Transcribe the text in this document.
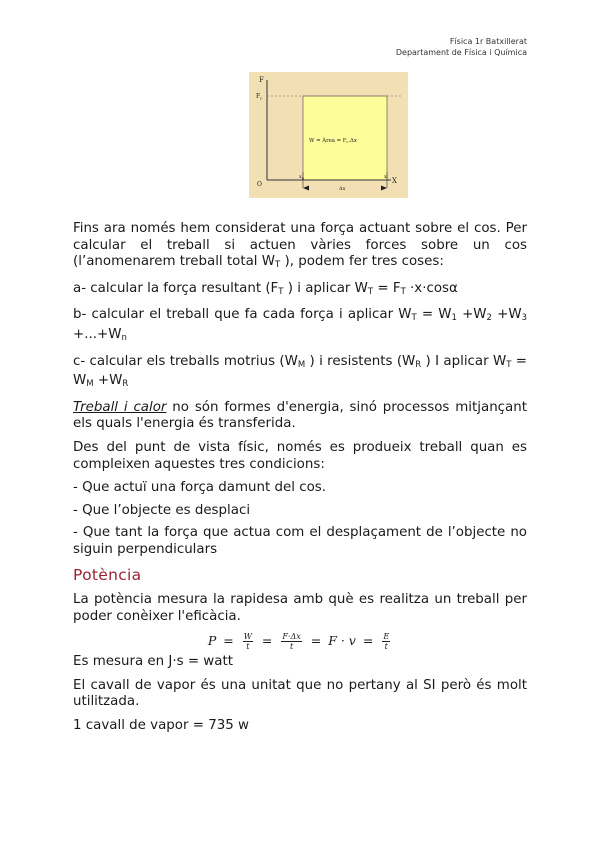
Física 1r Batxillerat
Departament de Física i Química
F
$F_c$
O
$x_o$	x X
Δx
W = Àrea = $F_c.\Delta x$

Fins ara només hem considerat una força actuant sobre el cos. Per calcular el treball si actuen vàries forces sobre un cos (l’anomenarem treball total $W_T$ ), podem fer tres coses:

a- calcular la força resultant ($F_T$ ) i aplicar $W_T = F_T \cdot x\cdot\cos\alpha$

b- calcular el treball que fa cada força i aplicar $W_T = W_1 +W_2 +W_3 +...+W_n$

c- calcular els treballs motrius ($W_M$ ) i resistents ($W_R$ ) I aplicar $W_T = W_M +W_R$

Treball i calor no són formes d'energia, sinó processos mitjançant els quals l'energia és transferida.

Des del punt de vista físic, només es produeix treball quan es compleixen aquestes tres condicions:

- Que actuï una força damunt del cos.

- Que l’objecte es desplaci

- Que tant la força que actua com el desplaçament de l’objecte no siguin perpendiculars

Potència

La potència mesura la rapidesa amb què es realitza un treball per poder conèixer l'eficàcia.

$P = \frac{W}{t} = \frac{F\cdot\Delta x}{t} = F \cdot v = \frac{E}{t}$

Es mesura en J·s = watt

El cavall de vapor és una unitat que no pertany al SI però és molt utilitzada.

1 cavall de vapor = 735 w
